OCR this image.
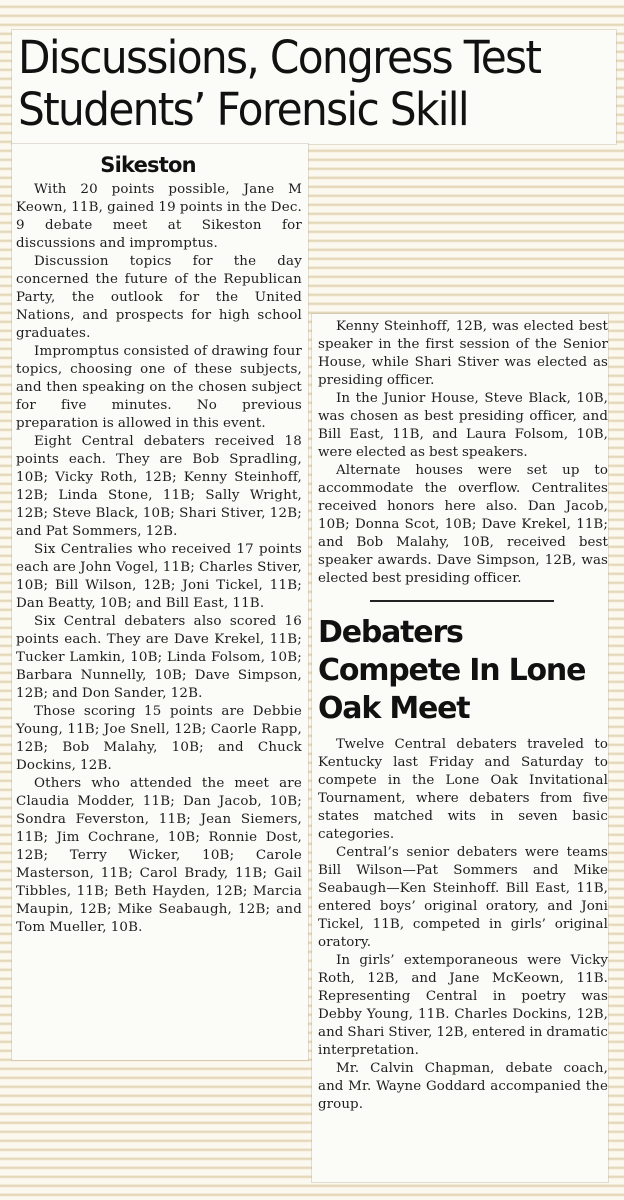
Discussions, Congress Test Students’ Forensic Skill
Sikeston

With 20 points possible, Jane M Keown, 11B, gained 19 points in the Dec. 9 debate meet at Sikeston for discussions and impromptus.

Discussion topics for the day concerned the future of the Republican Party, the outlook for the United Nations, and prospects for high school graduates.

Impromptus consisted of drawing four topics, choosing one of these subjects, and then speaking on the chosen subject for five minutes. No previous preparation is allowed in this event.

Eight Central debaters received 18 points each. They are Bob Spradling, 10B; Vicky Roth, 12B; Kenny Steinhoff, 12B; Linda Stone, 11B; Sally Wright, 12B; Steve Black, 10B; Shari Stiver, 12B; and Pat Sommers, 12B.

Six Centralies who received 17 points each are John Vogel, 11B; Charles Stiver, 10B; Bill Wilson, 12B; Joni Tickel, 11B; Dan Beatty, 10B; and Bill East, 11B.

Six Central debaters also scored 16 points each. They are Dave Krekel, 11B; Tucker Lamkin, 10B; Linda Folsom, 10B; Barbara Nunnelly, 10B; Dave Simpson, 12B; and Don Sander, 12B.

Those scoring 15 points are Debbie Young, 11B; Joe Snell, 12B; Caorle Rapp, 12B; Bob Malahy, 10B; and Chuck Dockins, 12B.

Others who attended the meet are Claudia Modder, 11B; Dan Jacob, 10B; Sondra Feverston, 11B; Jean Siemers, 11B; Jim Cochrane, 10B; Ronnie Dost, 12B; Terry Wicker, 10B; Carole Masterson, 11B; Carol Brady, 11B; Gail Tibbles, 11B; Beth Hayden, 12B; Marcia Maupin, 12B; Mike Seabaugh, 12B; and Tom Mueller, 10B.

Kenny Steinhoff, 12B, was elected best speaker in the first session of the Senior House, while Shari Stiver was elected as presiding officer.

In the Junior House, Steve Black, 10B, was chosen as best presiding officer, and Bill East, 11B, and Laura Folsom, 10B, were elected as best speakers.

Alternate houses were set up to accommodate the overflow. Centralites received honors here also. Dan Jacob, 10B; Donna Scot, 10B; Dave Krekel, 11B; and Bob Malahy, 10B, received best speaker awards. Dave Simpson, 12B, was elected best presiding officer.

Debaters Compete In Lone Oak Meet

Twelve Central debaters traveled to Kentucky last Friday and Saturday to compete in the Lone Oak Invitational Tournament, where debaters from five states matched wits in seven basic categories.

Central’s senior debaters were teams Bill Wilson—Pat Sommers and Mike Seabaugh—Ken Steinhoff. Bill East, 11B, entered boys’ original oratory, and Joni Tickel, 11B, competed in girls’ original oratory.

In girls’ extemporaneous were Vicky Roth, 12B, and Jane McKeown, 11B. Representing Central in poetry was Debby Young, 11B. Charles Dockins, 12B, and Shari Stiver, 12B, entered in dramatic interpretation.

Mr. Calvin Chapman, debate coach, and Mr. Wayne Goddard accompanied the group.
